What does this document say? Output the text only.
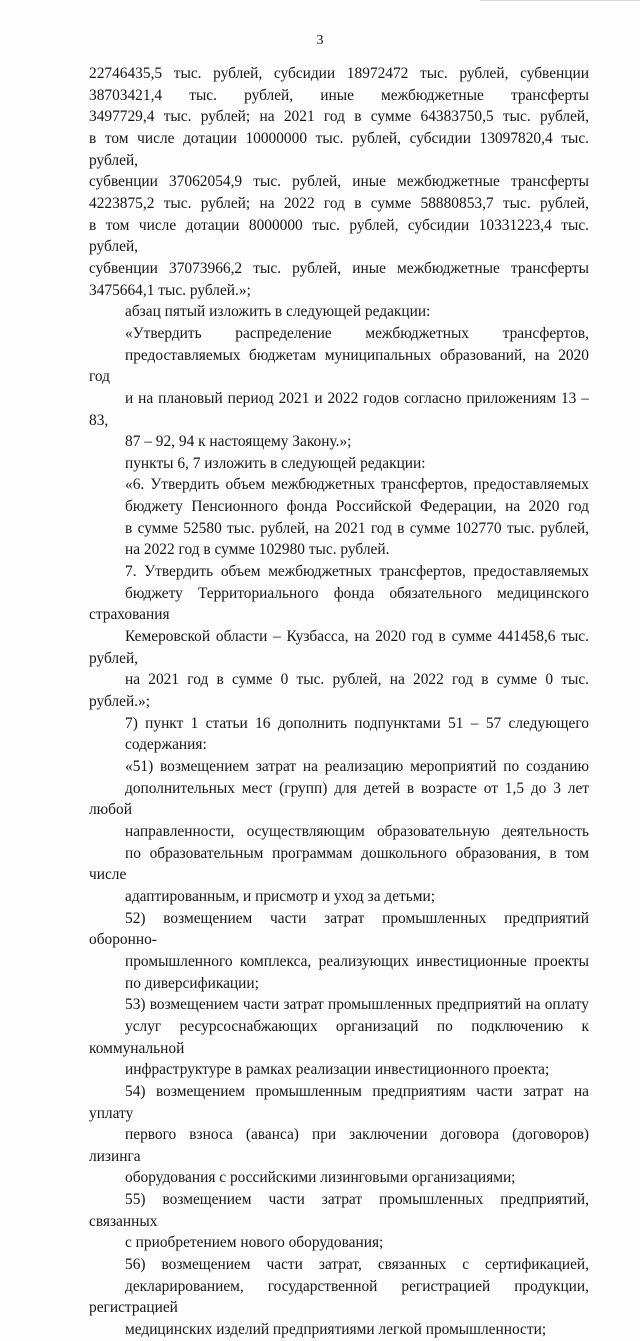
3

22746435,5 тыс. рублей, субсидии 18972472 тыс. рублей, субвенции
38703421,4 тыс. рублей, иные межбюджетные трансферты
3497729,4 тыс. рублей; на 2021 год в сумме 64383750,5 тыс. рублей,
в том числе дотации 10000000 тыс. рублей, субсидии 13097820,4 тыс. рублей,
субвенции 37062054,9 тыс. рублей, иные межбюджетные трансферты
4223875,2 тыс. рублей; на 2022 год в сумме 58880853,7 тыс. рублей,
в том числе дотации 8000000 тыс. рублей, субсидии 10331223,4 тыс. рублей,
субвенции 37073966,2 тыс. рублей, иные межбюджетные трансферты
3475664,1 тыс. рублей.»;

абзац пятый изложить в следующей редакции:

«Утвердить распределение межбюджетных трансфертов,
предоставляемых бюджетам муниципальных образований, на 2020 год
и на плановый период 2021 и 2022 годов согласно приложениям 13 – 83,
87 – 92, 94 к настоящему Закону.»;

пункты 6, 7 изложить в следующей редакции:

«6. Утвердить объем межбюджетных трансфертов, предоставляемых
бюджету Пенсионного фонда Российской Федерации, на 2020 год
в сумме 52580 тыс. рублей, на 2021 год в сумме 102770 тыс. рублей,
на 2022 год в сумме 102980 тыс. рублей.

7. Утвердить объем межбюджетных трансфертов, предоставляемых
бюджету Территориального фонда обязательного медицинского страхования
Кемеровской области – Кузбасса, на 2020 год в сумме 441458,6 тыс. рублей,
на 2021 год в сумме 0 тыс. рублей, на 2022 год в сумме 0 тыс. рублей.»;

7) пункт 1 статьи 16 дополнить подпунктами 51 – 57 следующего
содержания:

«51) возмещением затрат на реализацию мероприятий по созданию
дополнительных мест (групп) для детей в возрасте от 1,5 до 3 лет любой
направленности, осуществляющим образовательную деятельность
по образовательным программам дошкольного образования, в том числе
адаптированным, и присмотр и уход за детьми;

52) возмещением части затрат промышленных предприятий оборонно-
промышленного комплекса, реализующих инвестиционные проекты
по диверсификации;

53) возмещением части затрат промышленных предприятий на оплату
услуг ресурсоснабжающих организаций по подключению к коммунальной
инфраструктуре в рамках реализации инвестиционного проекта;

54) возмещением промышленным предприятиям части затрат на уплату
первого взноса (аванса) при заключении договора (договоров) лизинга
оборудования с российскими лизинговыми организациями;

55) возмещением части затрат промышленных предприятий, связанных
с приобретением нового оборудования;

56) возмещением части затрат, связанных с сертификацией,
декларированием, государственной регистрацией продукции, регистрацией
медицинских изделий предприятиями легкой промышленности;
